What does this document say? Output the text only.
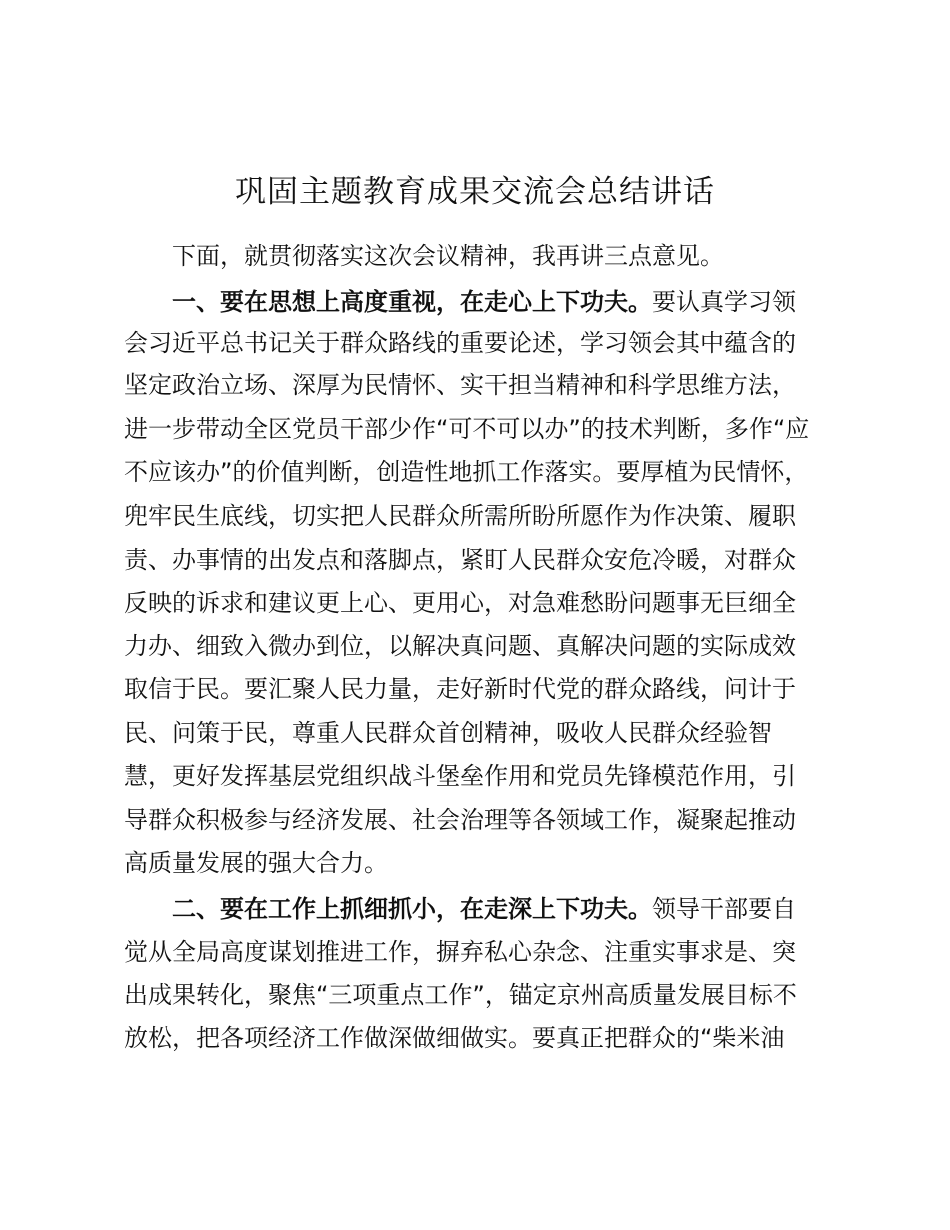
巩固主题教育成果交流会总结讲话

下面，就贯彻落实这次会议精神，我再讲三点意见。

一、要在思想上高度重视，在走心上下功夫。要认真学习领

会习近平总书记关于群众路线的重要论述，学习领会其中蕴含的

坚定政治立场、深厚为民情怀、实干担当精神和科学思维方法，

进一步带动全区党员干部少作“可不可以办”的技术判断，多作“应

不应该办”的价值判断，创造性地抓工作落实。要厚植为民情怀，

兜牢民生底线，切实把人民群众所需所盼所愿作为作决策、履职

责、办事情的出发点和落脚点，紧盯人民群众安危冷暖，对群众

反映的诉求和建议更上心、更用心，对急难愁盼问题事无巨细全

力办、细致入微办到位，以解决真问题、真解决问题的实际成效

取信于民。要汇聚人民力量，走好新时代党的群众路线，问计于

民、问策于民，尊重人民群众首创精神，吸收人民群众经验智

慧，更好发挥基层党组织战斗堡垒作用和党员先锋模范作用，引

导群众积极参与经济发展、社会治理等各领域工作，凝聚起推动

高质量发展的强大合力。

二、要在工作上抓细抓小，在走深上下功夫。领导干部要自

觉从全局高度谋划推进工作，摒弃私心杂念、注重实事求是、突

出成果转化，聚焦“三项重点工作”，锚定京州高质量发展目标不

放松，把各项经济工作做深做细做实。要真正把群众的“柴米油
